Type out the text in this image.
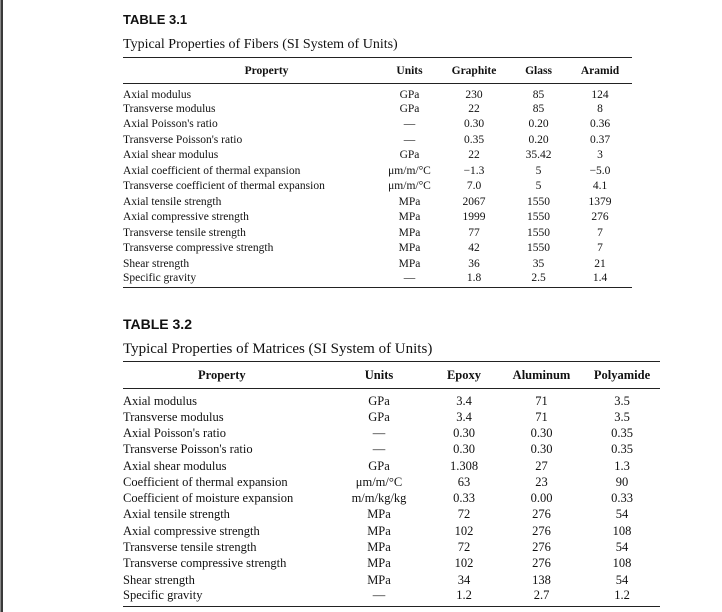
TABLE 3.1
Typical Properties of Fibers (SI System of Units)
Property	Units	Graphite	Glass	Aramid
Axial modulus	GPa	230	85	124
Transverse modulus	GPa	22	85	8
Axial Poisson's ratio	—	0.30	0.20	0.36
Transverse Poisson's ratio	—	0.35	0.20	0.37
Axial shear modulus	GPa	22	35.42	3
Axial coefficient of thermal expansion	μm/m/°C	−1.3	5	−5.0
Transverse coefficient of thermal expansion	μm/m/°C	7.0	5	4.1
Axial tensile strength	MPa	2067	1550	1379
Axial compressive strength	MPa	1999	1550	276
Transverse tensile strength	MPa	77	1550	7
Transverse compressive strength	MPa	42	1550	7
Shear strength	MPa	36	35	21
Specific gravity	—	1.8	2.5	1.4
TABLE 3.2
Typical Properties of Matrices (SI System of Units)
Property	Units	Epoxy	Aluminum	Polyamide
Axial modulus	GPa	3.4	71	3.5
Transverse modulus	GPa	3.4	71	3.5
Axial Poisson's ratio	—	0.30	0.30	0.35
Transverse Poisson's ratio	—	0.30	0.30	0.35
Axial shear modulus	GPa	1.308	27	1.3
Coefficient of thermal expansion	μm/m/°C	63	23	90
Coefficient of moisture expansion	m/m/kg/kg	0.33	0.00	0.33
Axial tensile strength	MPa	72	276	54
Axial compressive strength	MPa	102	276	108
Transverse tensile strength	MPa	72	276	54
Transverse compressive strength	MPa	102	276	108
Shear strength	MPa	34	138	54
Specific gravity	—	1.2	2.7	1.2
